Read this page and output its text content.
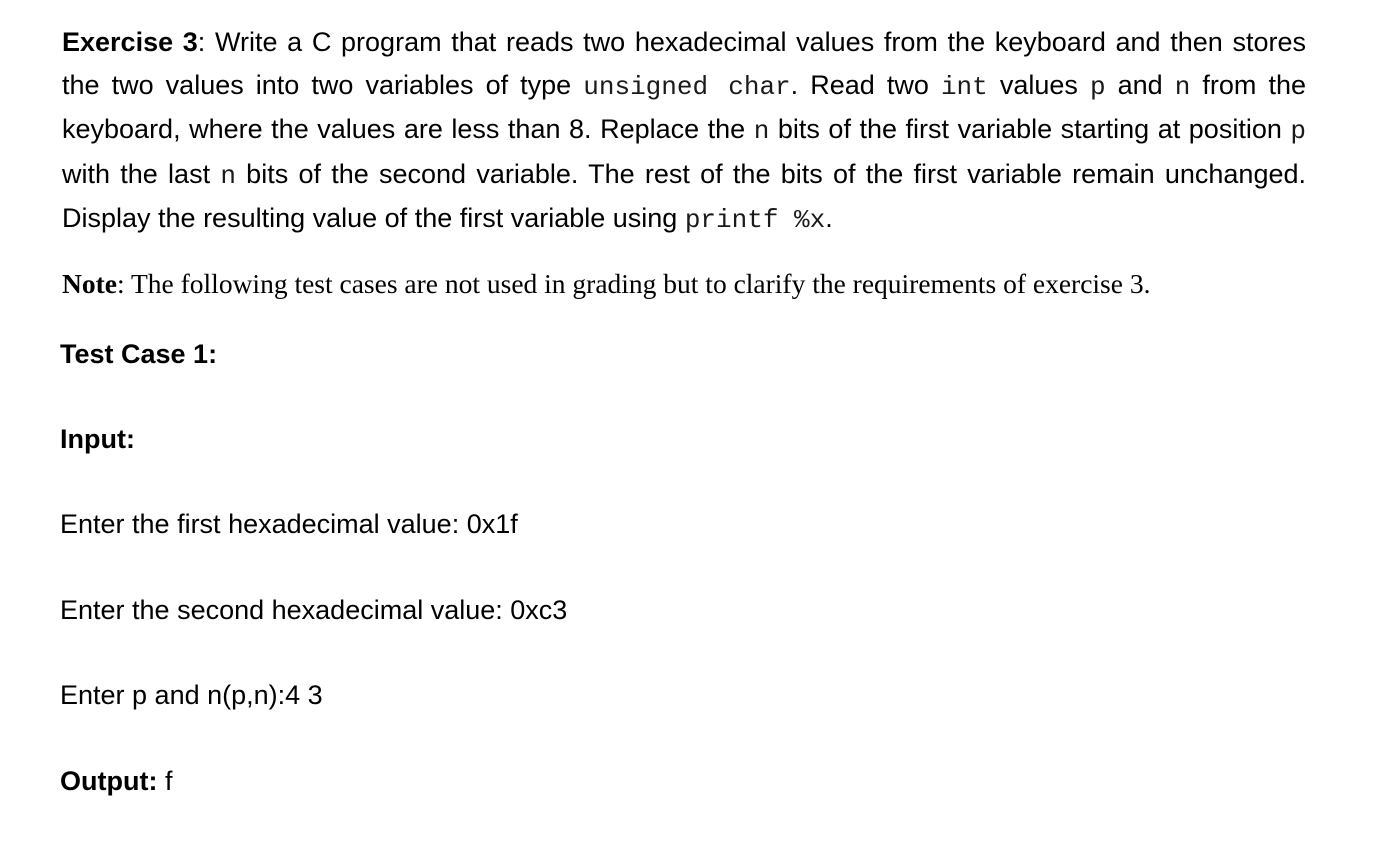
Exercise 3: Write a C program that reads two hexadecimal values from the keyboard and then stores the two values into two variables of type unsigned char. Read two int values p and n from the keyboard, where the values are less than 8. Replace the n bits of the first variable starting at position p with the last n bits of the second variable. The rest of the bits of the first variable remain unchanged. Display the resulting value of the first variable using printf %x.

Note: The following test cases are not used in grading but to clarify the requirements of exercise 3.

Test Case 1:

Input:

Enter the first hexadecimal value: 0x1f

Enter the second hexadecimal value: 0xc3

Enter p and n(p,n):4 3

Output: f
